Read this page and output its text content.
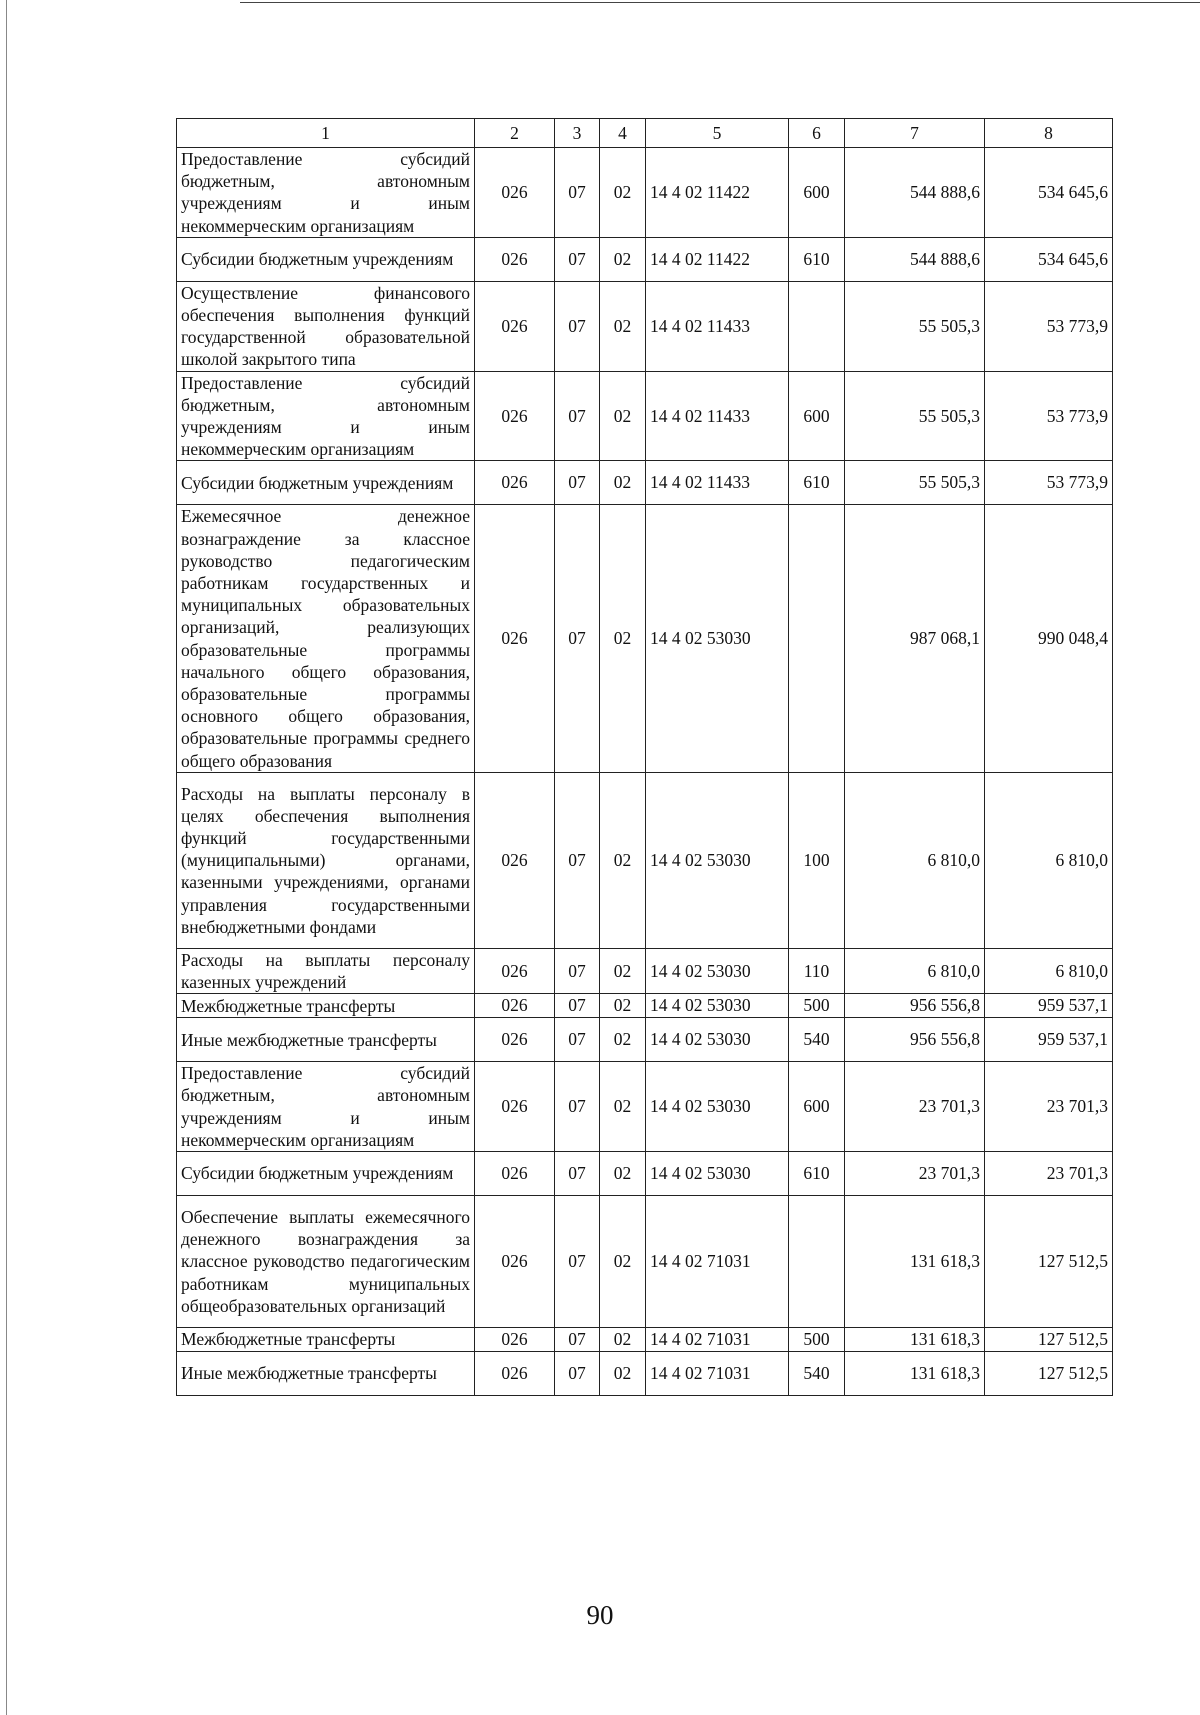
1	2	3	4	5	6	7	8
Предоставление субсидий бюджетным, автономным учреждениям и иным некоммерческим организациям	026	07	02	14 4 02 11422	600	544 888,6	534 645,6
Субсидии бюджетным учреждениям	026	07	02	14 4 02 11422	610	544 888,6	534 645,6
Осуществление финансового обеспечения выполнения функций государственной образовательной школой закрытого типа	026	07	02	14 4 02 11433		55 505,3	53 773,9
Предоставление субсидий бюджетным, автономным учреждениям и иным некоммерческим организациям	026	07	02	14 4 02 11433	600	55 505,3	53 773,9
Субсидии бюджетным учреждениям	026	07	02	14 4 02 11433	610	55 505,3	53 773,9
Ежемесячное денежное вознаграждение за классное руководство педагогическим работникам государственных и муниципальных образовательных организаций, реализующих образовательные программы начального общего образования, образовательные программы основного общего образования, образовательные программы среднего общего образования	026	07	02	14 4 02 53030		987 068,1	990 048,4
Расходы на выплаты персоналу в целях обеспечения выполнения функций государственными (муниципальными) органами, казенными учреждениями, органами управления государственными внебюджетными фондами	026	07	02	14 4 02 53030	100	6 810,0	6 810,0
Расходы на выплаты персоналу казенных учреждений	026	07	02	14 4 02 53030	110	6 810,0	6 810,0
Межбюджетные трансферты	026	07	02	14 4 02 53030	500	956 556,8	959 537,1
Иные межбюджетные трансферты	026	07	02	14 4 02 53030	540	956 556,8	959 537,1
Предоставление субсидий бюджетным, автономным учреждениям и иным некоммерческим организациям	026	07	02	14 4 02 53030	600	23 701,3	23 701,3
Субсидии бюджетным учреждениям	026	07	02	14 4 02 53030	610	23 701,3	23 701,3
Обеспечение выплаты ежемесячного денежного вознаграждения за классное руководство педагогическим работникам муниципальных общеобразовательных организаций	026	07	02	14 4 02 71031		131 618,3	127 512,5
Межбюджетные трансферты	026	07	02	14 4 02 71031	500	131 618,3	127 512,5
Иные межбюджетные трансферты	026	07	02	14 4 02 71031	540	131 618,3	127 512,5
90
